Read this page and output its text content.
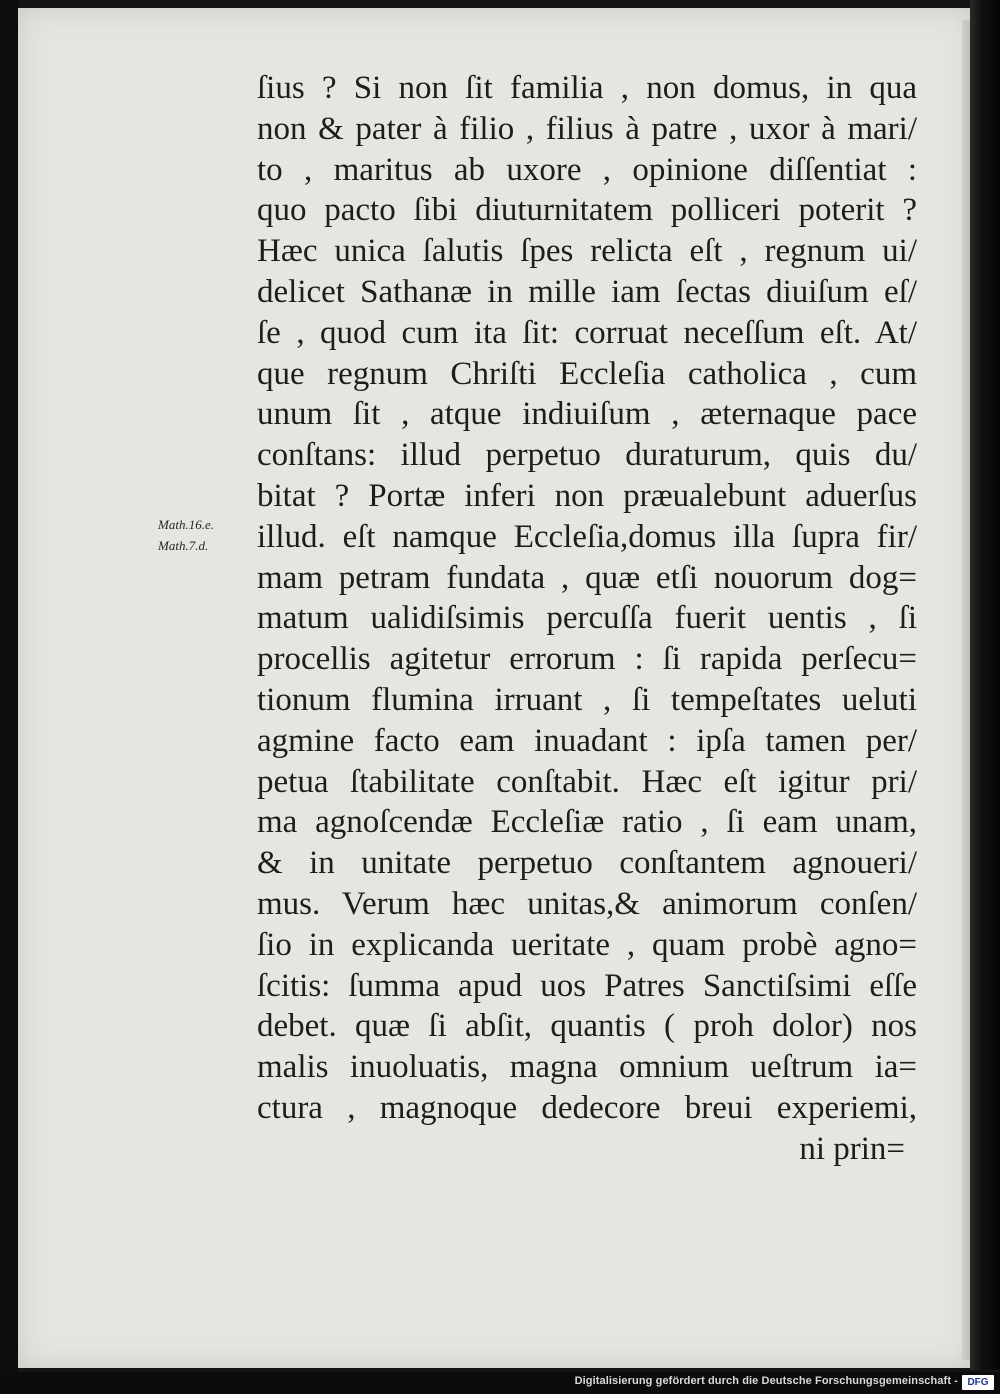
Math.16.e.
Math.7.d.
ſius ? Si non ſit familia , non domus, in qua
non & pater à filio , filius à patre , uxor à mari/
to , maritus ab uxore , opinione diſſentiat :
quo pacto ſibi diuturnitatem polliceri poterit ?
Hæc unica ſalutis ſpes relicta eſt , regnum ui/
delicet Sathanæ in mille iam ſectas diuiſum eſ/
ſe , quod cum ita ſit: corruat neceſſum eſt. At/
que regnum Chriſti Eccleſia catholica , cum
unum ſit , atque indiuiſum , æternaque pace
conſtans: illud perpetuo duraturum, quis du/
bitat ? Portæ inferi non præualebunt aduerſus
illud. eſt namque Eccleſia,domus illa ſupra fir/
mam petram fundata , quæ etſi nouorum dog=
matum ualidiſsimis percuſſa fuerit uentis , ſi
procellis agitetur errorum : ſi rapida perſecu=
tionum flumina irruant , ſi tempeſtates ueluti
agmine facto eam inuadant : ipſa tamen per/
petua ſtabilitate conſtabit. Hæc eſt igitur pri/
ma agnoſcendæ Eccleſiæ ratio , ſi eam unam,
& in unitate perpetuo conſtantem agnoueri/
mus. Verum hæc unitas,& animorum conſen/
ſio in explicanda ueritate , quam probè agno=
ſcitis: ſumma apud uos Patres Sanctiſsimi eſſe
debet. quæ ſi abſit, quantis ( proh dolor) nos
malis inuoluatis, magna omnium ueſtrum ia=
ctura , magnoque dedecore breui experiemi,
ni prin=
Digitalisierung gefördert durch die Deutsche Forschungsgemeinschaft - DFG
